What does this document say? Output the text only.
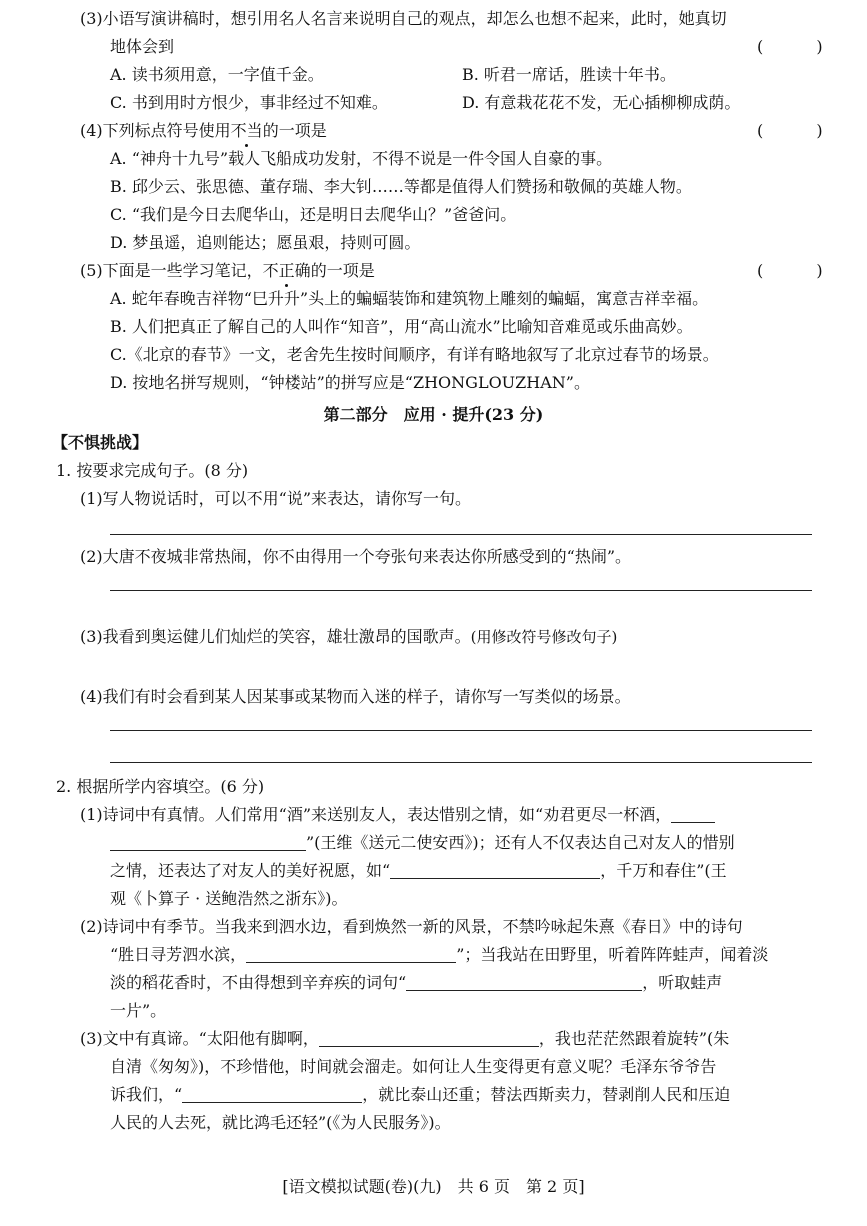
(3)小语写演讲稿时，想引用名人名言来说明自己的观点，却怎么也想不起来，此时，她真切
地体会到	( )
A. 读书须用意，一字值千金。	B. 听君一席话，胜读十年书。
C. 书到用时方恨少，事非经过不知难。	D. 有意栽花花不发，无心插柳柳成荫。
(4)下列标点符号使用不当的一项是	( )
A. “神舟十九号”载人飞船成功发射，不得不说是一件令国人自豪的事。
B. 邱少云、张思德、董存瑞、李大钊……等都是值得人们赞扬和敬佩的英雄人物。
C. “我们是今日去爬华山，还是明日去爬华山？”爸爸问。
D. 梦虽遥，追则能达；愿虽艰，持则可圆。
(5)下面是一些学习笔记，不正确的一项是	( )
A. 蛇年春晚吉祥物“巳升升”头上的蝙蝠装饰和建筑物上雕刻的蝙蝠，寓意吉祥幸福。
B. 人们把真正了解自己的人叫作“知音”，用“高山流水”比喻知音难觅或乐曲高妙。
C.《北京的春节》一文，老舍先生按时间顺序，有详有略地叙写了北京过春节的场景。
D. 按地名拼写规则，“钟楼站”的拼写应是“ZHONGLOUZHAN”。
第二部分　应用 · 提升(23 分)
【不惧挑战】
1. 按要求完成句子。(8 分)
(1)写人物说话时，可以不用“说”来表达，请你写一句。
(2)大唐不夜城非常热闹，你不由得用一个夸张句来表达你所感受到的“热闹”。
(3)我看到奥运健儿们灿烂的笑容，雄壮激昂的国歌声。(用修改符号修改句子)
(4)我们有时会看到某人因某事或某物而入迷的样子，请你写一写类似的场景。
2. 根据所学内容填空。(6 分)
(1)诗词中有真情。人们常用“酒”来送别友人，表达惜别之情，如“劝君更尽一杯酒，
”(王维《送元二使安西》)；还有人不仅表达自己对友人的惜别
之情，还表达了对友人的美好祝愿，如“	，千万和春住”(王
观《卜算子 · 送鲍浩然之浙东》)。
(2)诗词中有季节。当我来到泗水边，看到焕然一新的风景，不禁吟咏起朱熹《春日》中的诗句
“胜日寻芳泗水滨，	”；当我站在田野里，听着阵阵蛙声，闻着淡
淡的稻花香时，不由得想到辛弃疾的词句“	，听取蛙声
一片”。
(3)文中有真谛。“太阳他有脚啊，	，我也茫茫然跟着旋转”(朱
自清《匆匆》)，不珍惜他，时间就会溜走。如何让人生变得更有意义呢？毛泽东爷爷告
诉我们，“	，就比泰山还重；替法西斯卖力，替剥削人民和压迫
人民的人去死，就比鸿毛还轻”(《为人民服务》)。
[语文模拟试题(卷)(九)　共 6 页　第 2 页]
